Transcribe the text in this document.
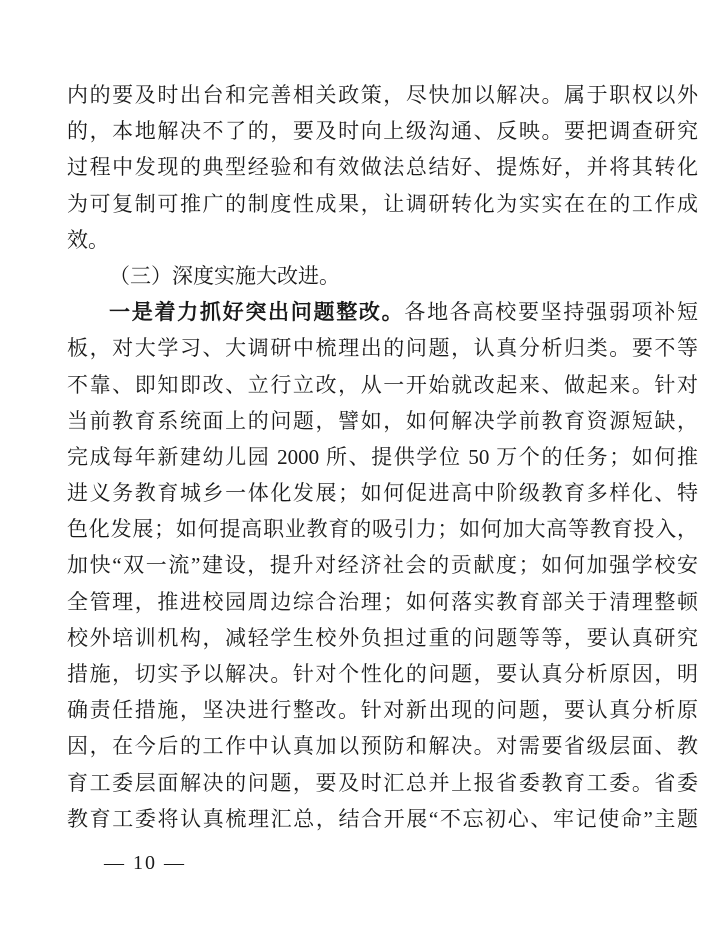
内的要及时出台和完善相关政策，尽快加以解决。属于职权以外
的，本地解决不了的，要及时向上级沟通、反映。要把调查研究
过程中发现的典型经验和有效做法总结好、提炼好，并将其转化
为可复制可推广的制度性成果，让调研转化为实实在在的工作成
效。
（三）深度实施大改进。
一是着力抓好突出问题整改。各地各高校要坚持强弱项补短
板，对大学习、大调研中梳理出的问题，认真分析归类。要不等
不靠、即知即改、立行立改，从一开始就改起来、做起来。针对
当前教育系统面上的问题，譬如，如何解决学前教育资源短缺，
完成每年新建幼儿园 2000 所、提供学位 50 万个的任务；如何推
进义务教育城乡一体化发展；如何促进高中阶级教育多样化、特
色化发展；如何提高职业教育的吸引力；如何加大高等教育投入，
加快“双一流”建设，提升对经济社会的贡献度；如何加强学校安
全管理，推进校园周边综合治理；如何落实教育部关于清理整顿
校外培训机构，减轻学生校外负担过重的问题等等，要认真研究
措施，切实予以解决。针对个性化的问题，要认真分析原因，明
确责任措施，坚决进行整改。针对新出现的问题，要认真分析原
因，在今后的工作中认真加以预防和解决。对需要省级层面、教
育工委层面解决的问题，要及时汇总并上报省委教育工委。省委
教育工委将认真梳理汇总，结合开展“不忘初心、牢记使命”主题
— 10 —
